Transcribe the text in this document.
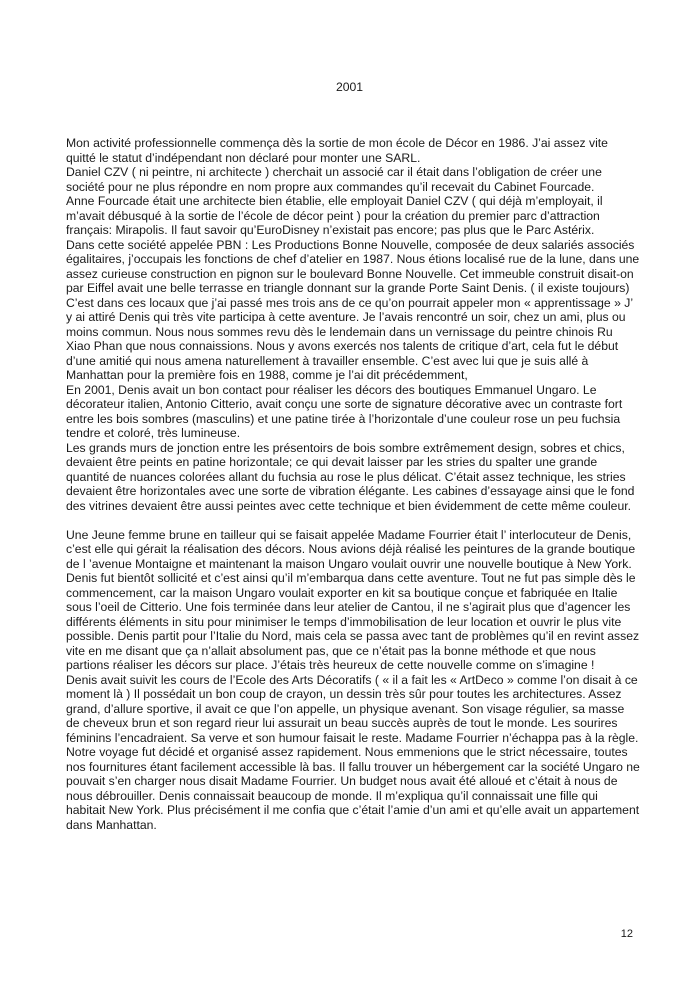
2001

Mon activité professionnelle commença dès la sortie de mon école de Décor en 1986. J’ai assez vite quitté le statut d’indépendant non déclaré pour monter une SARL.

Daniel CZV ( ni peintre, ni architecte ) cherchait un associé car il était dans l’obligation de créer une société pour ne plus répondre en nom propre aux commandes qu’il recevait du Cabinet Fourcade.

Anne Fourcade était une architecte bien établie, elle employait Daniel CZV ( qui déjà m’employait, il m’avait débusqué à la sortie de l’école de décor peint ) pour la création du premier parc d’attraction français: Mirapolis. Il faut savoir qu’EuroDisney n’existait pas encore; pas plus que le Parc Astérix.

Dans cette société appelée PBN : Les Productions Bonne Nouvelle, composée de deux salariés associés égalitaires, j’occupais les fonctions de chef d’atelier en 1987. Nous étions localisé rue de la lune, dans une assez curieuse construction en pignon sur le boulevard Bonne Nouvelle. Cet immeuble construit disait-on par Eiffel avait une belle terrasse en triangle donnant sur la grande Porte Saint Denis. ( il existe toujours)

C’est dans ces locaux que j’ai passé mes trois ans de ce qu’on pourrait appeler mon « apprentissage » J’ y ai attiré Denis qui très vite participa à cette aventure. Je l’avais rencontré un soir, chez un ami, plus ou moins commun. Nous nous sommes revu dès le lendemain dans un vernissage du peintre chinois Ru Xiao Phan que nous connaissions. Nous y avons exercés nos talents de critique d’art, cela fut le début d’une amitié qui nous amena naturellement à travailler ensemble. C’est avec lui que je suis allé à Manhattan pour la première fois en 1988, comme je l’ai dit précédemment,

En 2001, Denis avait un bon contact pour réaliser les décors des boutiques Emmanuel Ungaro. Le décorateur italien, Antonio Citterio, avait conçu une sorte de signature décorative avec un contraste fort entre les bois sombres (masculins) et une patine tirée à l’horizontale d’une couleur rose un peu fuchsia tendre et coloré, très lumineuse.

Les grands murs de jonction entre les présentoirs de bois sombre extrêmement design, sobres et chics, devaient être peints en patine horizontale; ce qui devait laisser par les stries du spalter une grande quantité de nuances colorées allant du fuchsia au rose le plus délicat. C’était assez technique, les stries devaient être horizontales avec une sorte de vibration élégante. Les cabines d’essayage ainsi que le fond des vitrines devaient être aussi peintes avec cette technique et bien évidemment de cette même couleur.

Une Jeune femme brune en tailleur qui se faisait appelée Madame Fourrier était l’ interlocuteur de Denis, c’est elle qui gérait la réalisation des décors. Nous avions déjà réalisé les peintures de la grande boutique de l ’avenue Montaigne et maintenant la maison Ungaro voulait ouvrir une nouvelle boutique à New York. Denis fut bientôt sollicité et c’est ainsi qu’il m’embarqua dans cette aventure. Tout ne fut pas simple dès le commencement, car la maison Ungaro voulait exporter en kit sa boutique conçue et fabriquée en Italie sous l’oeil de Citterio. Une fois terminée dans leur atelier de Cantou, il ne s’agirait plus que d’agencer les différents éléments in situ pour minimiser le temps d’immobilisation de leur location et ouvrir le plus vite possible. Denis partit pour l’Italie du Nord, mais cela se passa avec tant de problèmes qu’il en revint assez vite en me disant que ça n’allait absolument pas, que ce n’était pas la bonne méthode et que nous partions réaliser les décors sur place. J’étais très heureux de cette nouvelle comme on s’imagine !

Denis avait suivit les cours de l’Ecole des Arts Décoratifs ( « il a fait les « ArtDeco » comme l’on disait à ce moment là ) Il possédait un bon coup de crayon, un dessin très sûr pour toutes les architectures. Assez grand, d’allure sportive, il avait ce que l’on appelle, un physique avenant. Son visage régulier, sa masse de cheveux brun et son regard rieur lui assurait un beau succès auprès de tout le monde. Les sourires féminins l’encadraient. Sa verve et son humour faisait le reste. Madame Fourrier n’échappa pas à la règle.

Notre voyage fut décidé et organisé assez rapidement. Nous emmenions que le strict nécessaire, toutes nos fournitures étant facilement accessible là bas. Il fallu trouver un hébergement car la société Ungaro ne pouvait s’en charger nous disait Madame Fourrier. Un budget nous avait été alloué et c’était à nous de nous débrouiller. Denis connaissait beaucoup de monde. Il m’expliqua qu’il connaissait une fille qui habitait New York. Plus précisément il me confia que c’était l’amie d’un ami et qu’elle avait un appartement dans Manhattan.

12
